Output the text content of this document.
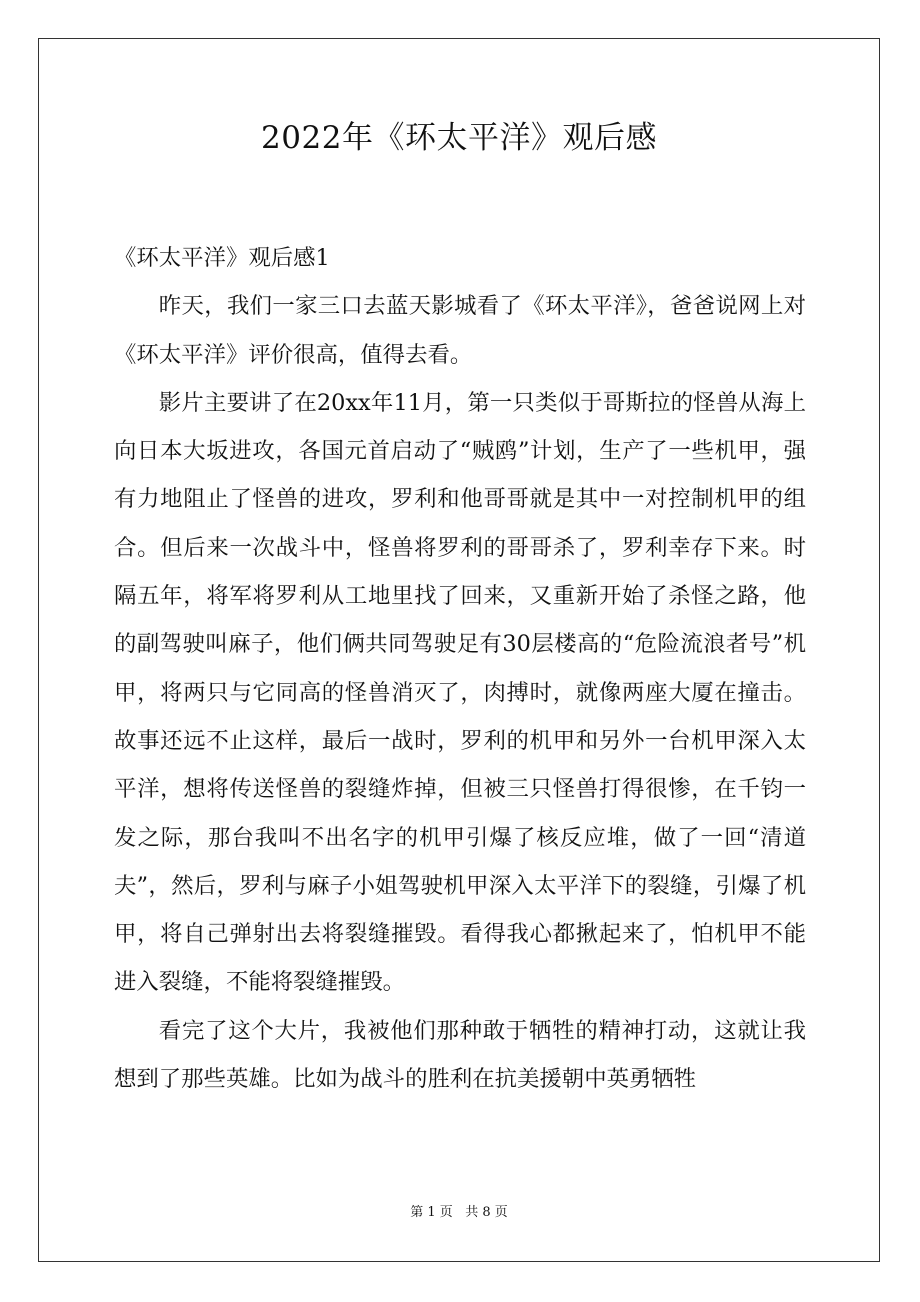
2022年《环太平洋》观后感

《环太平洋》观后感1

昨天，我们一家三口去蓝天影城看了《环太平洋》，爸爸说网上对《环太平洋》评价很高，值得去看。

影片主要讲了在20xx年11月，第一只类似于哥斯拉的怪兽从海上向日本大坂进攻，各国元首启动了“贼鸥”计划，生产了一些机甲，强有力地阻止了怪兽的进攻，罗利和他哥哥就是其中一对控制机甲的组合。但后来一次战斗中，怪兽将罗利的哥哥杀了，罗利幸存下来。时隔五年，将军将罗利从工地里找了回来，又重新开始了杀怪之路，他的副驾驶叫麻子，他们俩共同驾驶足有30层楼高的“危险流浪者号”机甲，将两只与它同高的怪兽消灭了，肉搏时，就像两座大厦在撞击。故事还远不止这样，最后一战时，罗利的机甲和另外一台机甲深入太平洋，想将传送怪兽的裂缝炸掉，但被三只怪兽打得很惨，在千钧一发之际，那台我叫不出名字的机甲引爆了核反应堆，做了一回“清道夫”，然后，罗利与麻子小姐驾驶机甲深入太平洋下的裂缝，引爆了机甲，将自己弹射出去将裂缝摧毁。看得我心都揪起来了，怕机甲不能进入裂缝，不能将裂缝摧毁。

看完了这个大片，我被他们那种敢于牺牲的精神打动，这就让我想到了那些英雄。比如为战斗的胜利在抗美援朝中英勇牺牲

第 1 页   共 8 页
